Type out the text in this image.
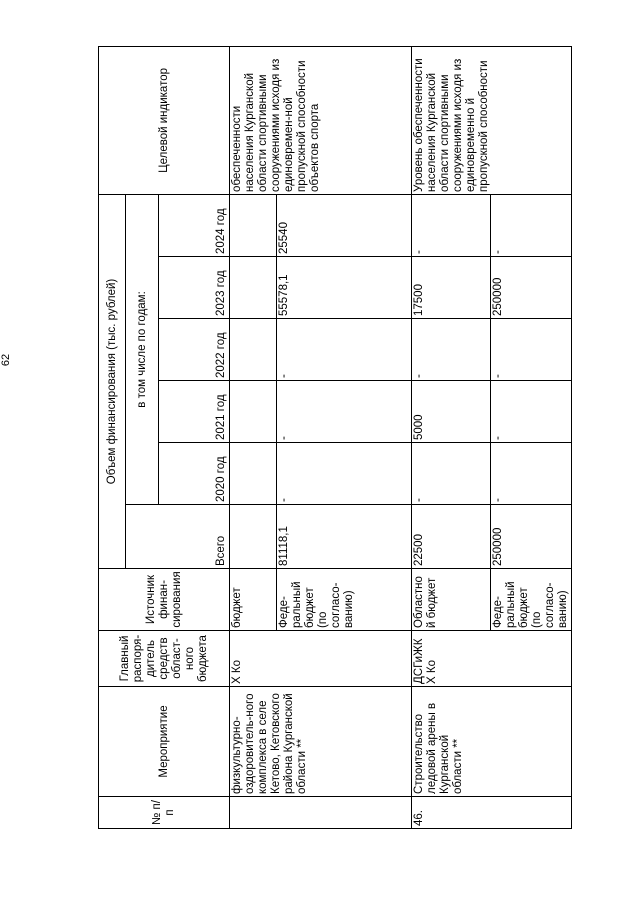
62
№ п/п	Мероприятие	Главный распоря-дитель средств област-ного бюджета	Источник финан-сирования	Объем финансирования (тыс. рублей)						Целевой индикатор
				Всего	в том числе по годам:					
					2020 год	2021 год	2022 год	2023 год	2024 год	
	физкультурно-оздоровитель-ного комплекса в селе Кетово, Кетовского района Курганской области **	Х Ко	бюджет							обеспеченности населения Курганской области спортивными сооружениями исходя из единовремен-ной пропускной способности объектов спорта
			Феде-ральный бюджет (по согласо-ванию)	81118,1	-	-	-	55578,1	25540	
46.	Строительство ледовой арены в Курганской области **	ДСГиЖК Х Ко	Областной бюджет	22500	-	5000	-	17500	-	Уровень обеспеченности населения Курганской области спортивными сооружениями исходя из единовременно й пропускной способности
			Феде-ральный бюджет (по согласо-ванию)	250000	-	-	-	250000	-	
